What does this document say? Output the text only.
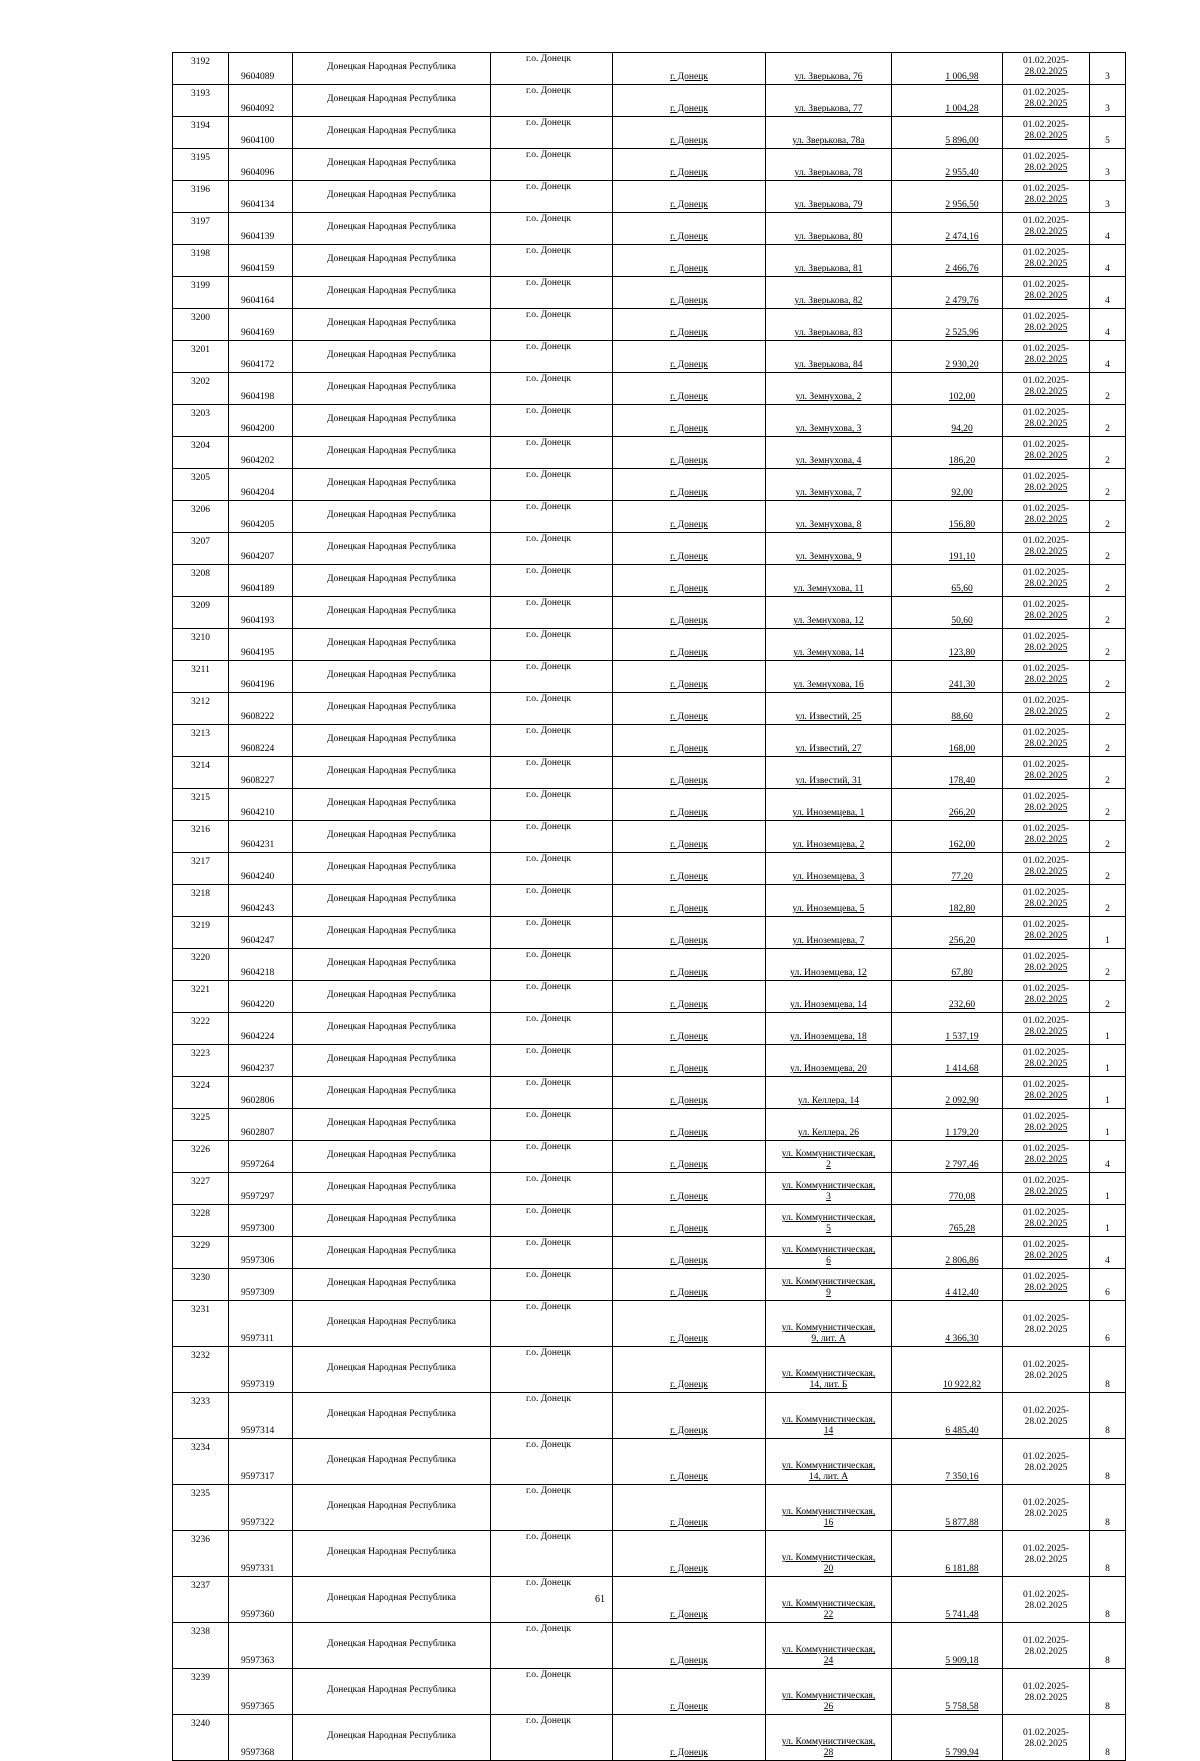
3192	9604089	Донецкая Народная Республика	г.о. Донецк	г. Донецк	ул. Зверькова, 76	1 006,98	01.02.2025-
28.02.2025	3
3193	9604092	Донецкая Народная Республика	г.о. Донецк	г. Донецк	ул. Зверькова, 77	1 004,28	01.02.2025-
28.02.2025	3
3194	9604100	Донецкая Народная Республика	г.о. Донецк	г. Донецк	ул. Зверькова, 78а	5 896,00	01.02.2025-
28.02.2025	5
3195	9604096	Донецкая Народная Республика	г.о. Донецк	г. Донецк	ул. Зверькова, 78	2 955,40	01.02.2025-
28.02.2025	3
3196	9604134	Донецкая Народная Республика	г.о. Донецк	г. Донецк	ул. Зверькова, 79	2 956,50	01.02.2025-
28.02.2025	3
3197	9604139	Донецкая Народная Республика	г.о. Донецк	г. Донецк	ул. Зверькова, 80	2 474,16	01.02.2025-
28.02.2025	4
3198	9604159	Донецкая Народная Республика	г.о. Донецк	г. Донецк	ул. Зверькова, 81	2 466,76	01.02.2025-
28.02.2025	4
3199	9604164	Донецкая Народная Республика	г.о. Донецк	г. Донецк	ул. Зверькова, 82	2 479,76	01.02.2025-
28.02.2025	4
3200	9604169	Донецкая Народная Республика	г.о. Донецк	г. Донецк	ул. Зверькова, 83	2 525,96	01.02.2025-
28.02.2025	4
3201	9604172	Донецкая Народная Республика	г.о. Донецк	г. Донецк	ул. Зверькова, 84	2 930,20	01.02.2025-
28.02.2025	4
3202	9604198	Донецкая Народная Республика	г.о. Донецк	г. Донецк	ул. Земнухова, 2	102,00	01.02.2025-
28.02.2025	2
3203	9604200	Донецкая Народная Республика	г.о. Донецк	г. Донецк	ул. Земнухова, 3	94,20	01.02.2025-
28.02.2025	2
3204	9604202	Донецкая Народная Республика	г.о. Донецк	г. Донецк	ул. Земнухова, 4	186,20	01.02.2025-
28.02.2025	2
3205	9604204	Донецкая Народная Республика	г.о. Донецк	г. Донецк	ул. Земнухова, 7	92,00	01.02.2025-
28.02.2025	2
3206	9604205	Донецкая Народная Республика	г.о. Донецк	г. Донецк	ул. Земнухова, 8	156,80	01.02.2025-
28.02.2025	2
3207	9604207	Донецкая Народная Республика	г.о. Донецк	г. Донецк	ул. Земнухова, 9	191,10	01.02.2025-
28.02.2025	2
3208	9604189	Донецкая Народная Республика	г.о. Донецк	г. Донецк	ул. Земнухова, 11	65,60	01.02.2025-
28.02.2025	2
3209	9604193	Донецкая Народная Республика	г.о. Донецк	г. Донецк	ул. Земнухова, 12	50,60	01.02.2025-
28.02.2025	2
3210	9604195	Донецкая Народная Республика	г.о. Донецк	г. Донецк	ул. Земнухова, 14	123,80	01.02.2025-
28.02.2025	2
3211	9604196	Донецкая Народная Республика	г.о. Донецк	г. Донецк	ул. Земнухова, 16	241,30	01.02.2025-
28.02.2025	2
3212	9608222	Донецкая Народная Республика	г.о. Донецк	г. Донецк	ул. Известий, 25	88,60	01.02.2025-
28.02.2025	2
3213	9608224	Донецкая Народная Республика	г.о. Донецк	г. Донецк	ул. Известий, 27	168,00	01.02.2025-
28.02.2025	2
3214	9608227	Донецкая Народная Республика	г.о. Донецк	г. Донецк	ул. Известий, 31	178,40	01.02.2025-
28.02.2025	2
3215	9604210	Донецкая Народная Республика	г.о. Донецк	г. Донецк	ул. Иноземцева, 1	266,20	01.02.2025-
28.02.2025	2
3216	9604231	Донецкая Народная Республика	г.о. Донецк	г. Донецк	ул. Иноземцева, 2	162,00	01.02.2025-
28.02.2025	2
3217	9604240	Донецкая Народная Республика	г.о. Донецк	г. Донецк	ул. Иноземцева, 3	77,20	01.02.2025-
28.02.2025	2
3218	9604243	Донецкая Народная Республика	г.о. Донецк	г. Донецк	ул. Иноземцева, 5	182,80	01.02.2025-
28.02.2025	2
3219	9604247	Донецкая Народная Республика	г.о. Донецк	г. Донецк	ул. Иноземцева, 7	256,20	01.02.2025-
28.02.2025	1
3220	9604218	Донецкая Народная Республика	г.о. Донецк	г. Донецк	ул. Иноземцева, 12	67,80	01.02.2025-
28.02.2025	2
3221	9604220	Донецкая Народная Республика	г.о. Донецк	г. Донецк	ул. Иноземцева, 14	232,60	01.02.2025-
28.02.2025	2
3222	9604224	Донецкая Народная Республика	г.о. Донецк	г. Донецк	ул. Иноземцева, 18	1 537,19	01.02.2025-
28.02.2025	1
3223	9604237	Донецкая Народная Республика	г.о. Донецк	г. Донецк	ул. Иноземцева, 20	1 414,68	01.02.2025-
28.02.2025	1
3224	9602806	Донецкая Народная Республика	г.о. Донецк	г. Донецк	ул. Келлера, 14	2 092,90	01.02.2025-
28.02.2025	1
3225	9602807	Донецкая Народная Республика	г.о. Донецк	г. Донецк	ул. Келлера, 26	1 179,20	01.02.2025-
28.02.2025	1
3226	9597264	Донецкая Народная Республика	г.о. Донецк	г. Донецк	ул. Коммунистическая,
2	2 797,46	01.02.2025-
28.02.2025	4
3227	9597297	Донецкая Народная Республика	г.о. Донецк	г. Донецк	ул. Коммунистическая,
3	770,08	01.02.2025-
28.02.2025	1
3228	9597300	Донецкая Народная Республика	г.о. Донецк	г. Донецк	ул. Коммунистическая,
5	765,28	01.02.2025-
28.02.2025	1
3229	9597306	Донецкая Народная Республика	г.о. Донецк	г. Донецк	ул. Коммунистическая,
6	2 806,86	01.02.2025-
28.02.2025	4
3230	9597309	Донецкая Народная Республика	г.о. Донецк	г. Донецк	ул. Коммунистическая,
9	4 412,40	01.02.2025-
28.02.2025	6
3231	9597311	Донецкая Народная Республика	г.о. Донецк	г. Донецк	ул. Коммунистическая,
9, лит. А	4 366,30	01.02.2025-
28.02.2025	6
3232	9597319	Донецкая Народная Республика	г.о. Донецк	г. Донецк	ул. Коммунистическая,
14, лит. Б	10 922,82	01.02.2025-
28.02.2025	8
3233	9597314	Донецкая Народная Республика	г.о. Донецк	г. Донецк	ул. Коммунистическая,
14	6 485,40	01.02.2025-
28.02.2025	8
3234	9597317	Донецкая Народная Республика	г.о. Донецк	г. Донецк	ул. Коммунистическая,
14, лит. А	7 350,16	01.02.2025-
28.02.2025	8
3235	9597322	Донецкая Народная Республика	г.о. Донецк	г. Донецк	ул. Коммунистическая,
16	5 877,88	01.02.2025-
28.02.2025	8
3236	9597331	Донецкая Народная Республика	г.о. Донецк	г. Донецк	ул. Коммунистическая,
20	6 181,88	01.02.2025-
28.02.2025	8
3237	9597360	Донецкая Народная Республика	г.о. Донецк	г. Донецк	ул. Коммунистическая,
22	5 741,48	01.02.2025-
28.02.2025	8
3238	9597363	Донецкая Народная Республика	г.о. Донецк	г. Донецк	ул. Коммунистическая,
24	5 909,18	01.02.2025-
28.02.2025	8
3239	9597365	Донецкая Народная Республика	г.о. Донецк	г. Донецк	ул. Коммунистическая,
26	5 758,58	01.02.2025-
28.02.2025	8
3240	9597368	Донецкая Народная Республика	г.о. Донецк	г. Донецк	ул. Коммунистическая,
28	5 799,94	01.02.2025-
28.02.2025	8
61
